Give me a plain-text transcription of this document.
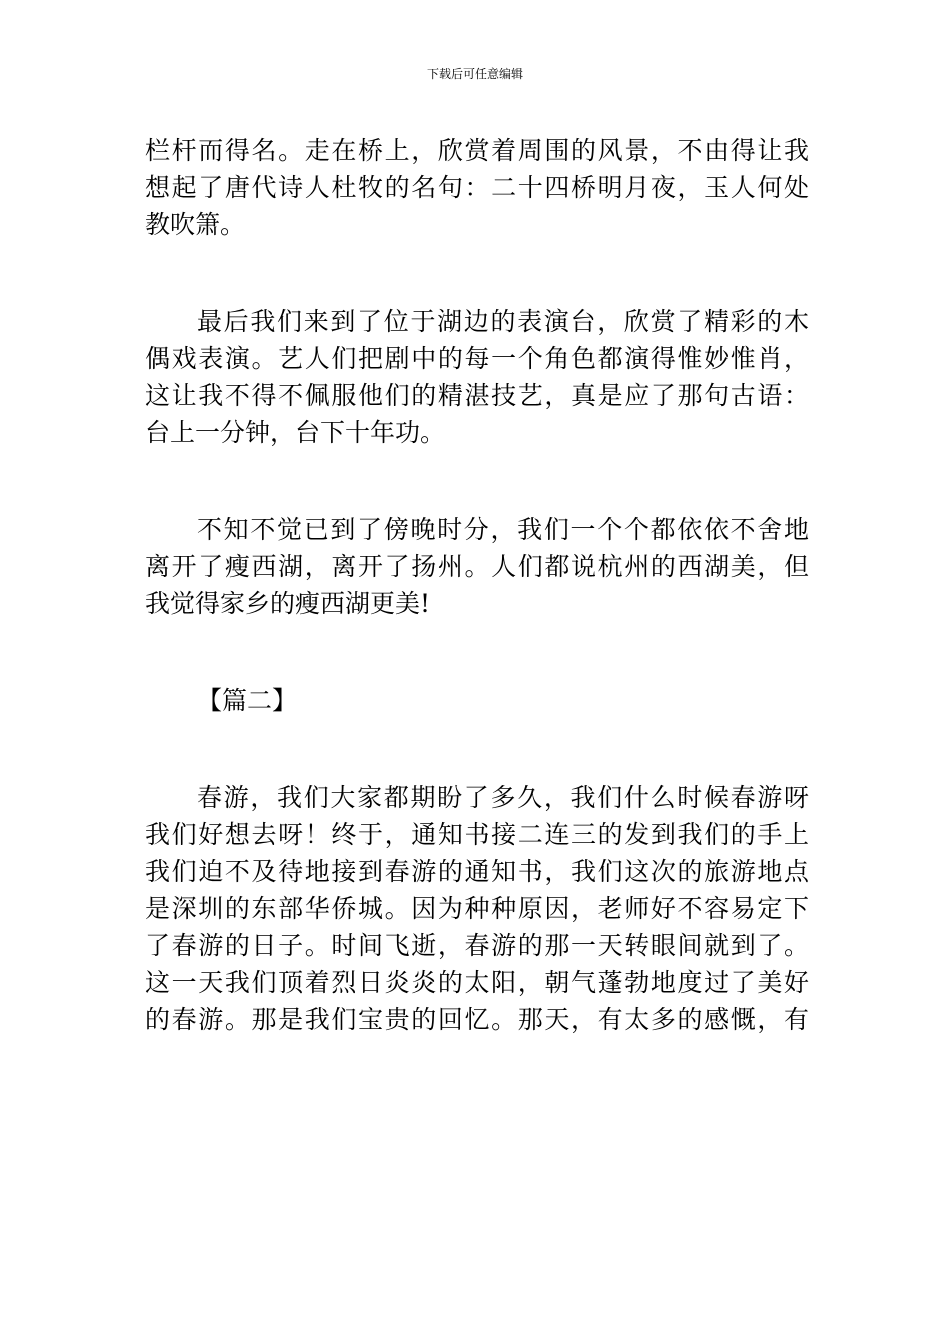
下载后可任意编辑
栏杆而得名。走在桥上，欣赏着周围的风景，不由得让我
想起了唐代诗人杜牧的名句：二十四桥明月夜，玉人何处
教吹箫。
最后我们来到了位于湖边的表演台，欣赏了精彩的木
偶戏表演。艺人们把剧中的每一个角色都演得惟妙惟肖，
这让我不得不佩服他们的精湛技艺，真是应了那句古语：
台上一分钟，台下十年功。
不知不觉已到了傍晚时分，我们一个个都依依不舍地
离开了瘦西湖，离开了扬州。人们都说杭州的西湖美，但
我觉得家乡的瘦西湖更美!
【篇二】
春游，我们大家都期盼了多久，我们什么时候春游呀
我们好想去呀！终于，通知书接二连三的发到我们的手上
我们迫不及待地接到春游的通知书，我们这次的旅游地点
是深圳的东部华侨城。因为种种原因，老师好不容易定下
了春游的日子。时间飞逝，春游的那一天转眼间就到了。
这一天我们顶着烈日炎炎的太阳，朝气蓬勃地度过了美好
的春游。那是我们宝贵的回忆。那天，有太多的感慨，有
